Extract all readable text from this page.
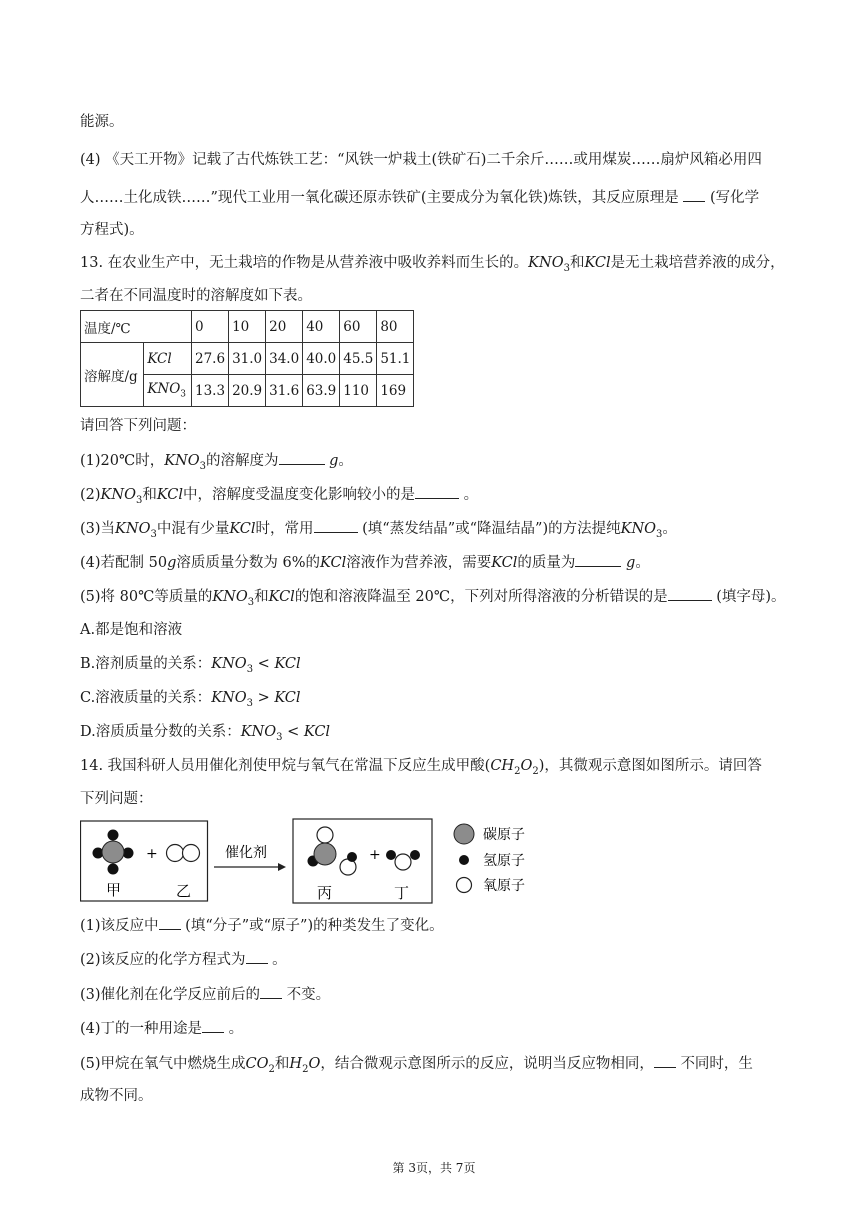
能源。
(4) 《天工开物》记载了古代炼铁工艺：“风铁一炉栽土(铁矿石)二千余斤……或用煤炭……扇炉风箱必用四
人……土化成铁……”现代工业用一氧化碳还原赤铁矿(主要成分为氧化铁)炼铁，其反应原理是 (写化学
方程式)。
13. 在农业生产中，无土栽培的作物是从营养液中吸收养料而生长的。$KNO_3$和KCl是无土栽培营养液的成分，
二者在不同温度时的溶解度如下表。
温度/℃		0	10	20	40	60	80
溶解度/g	KCl	27.6	31.0	34.0	40.0	45.5	51.1
	$KNO_3$	13.3	20.9	31.6	63.9	110	169
请回答下列问题：
(1)20℃时，$KNO_3$的溶解度为	g。
$(2)KNO_3$和KCl中，溶解度受温度变化影响较小的是	。
(3)当$KNO_3$中混有少量KCl时，常用	(填“蒸发结晶”或“降温结晶”)的方法提纯$KNO_3$。
(4)若配制 50g溶质质量分数为 6%的KCl溶液作为营养液，需要KCl的质量为	g。
(5)将 80℃等质量的$KNO_3$和KCl的饱和溶液降温至 20℃，下列对所得溶液的分析错误的是	(填字母)。
A.都是饱和溶液
B.溶剂质量的关系：$KNO_3$ < KCl
C.溶液质量的关系：$KNO_3$ > KCl
D.溶质质量分数的关系：$KNO_3$ < KCl
14. 我国科研人员用催化剂使甲烷与氧气在常温下反应生成甲酸$(CH_2O_2)$，其微观示意图如图所示。请回答
下列问题：
+
甲	乙
催化剂	+
丙	丁
碳原子
氢原子
氧原子
(1)该反应中 (填“分子”或“原子”)的种类发生了变化。
(2)该反应的化学方程式为 。
(3)催化剂在化学反应前后的 不变。
(4)丁的一种用途是 。
(5)甲烷在氧气中燃烧生成$CO_2$和$H_2O$，结合微观示意图所示的反应，说明当反应物相同， 不同时，生
成物不同。
第 3页，共 7页
